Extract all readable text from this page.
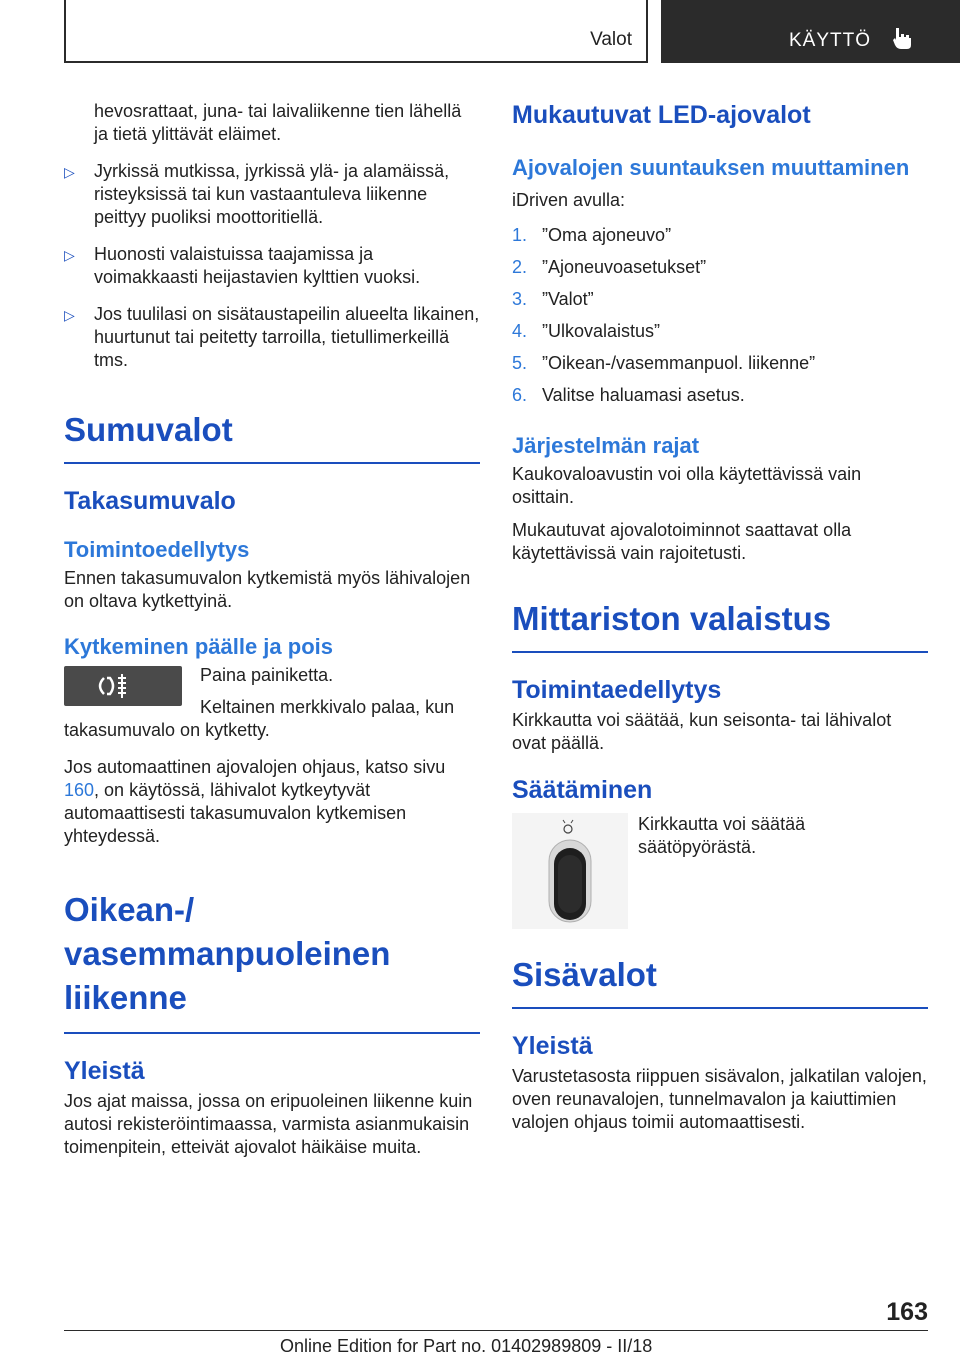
Valot	KÄYTTÖ

hevosrattaat, juna- tai laivaliikenne tien lähellä ja tietä ylittävät eläimet.

▷ Jyrkissä mutkissa, jyrkissä ylä- ja alamäissä, risteyksissä tai kun vastaantuleva liikenne peittyy puoliksi moottoritiellä.
▷ Huonosti valaistuissa taajamissa ja voimakkaasti heijastavien kylttien vuoksi.
▷ Jos tuulilasi on sisätaustapeilin alueelta likainen, huurtunut tai peitetty tarroilla, tietullimerkeillä tms.
Sumuvalot
Takasumuvalo
Toimintoedellytys

Ennen takasumuvalon kytkemistä myös lähivalojen on oltava kytkettyinä.

Kytkeminen päälle ja pois

Paina painiketta.

Keltainen merkkivalo palaa, kun takasumuvalo on kytketty.

Jos automaattinen ajovalojen ohjaus, katso sivu 160, on käytössä, lähivalot kytkeytyvät automaattisesti takasumuvalon kytkemisen yhteydessä.

Oikean-/ vasemmanpuoleinen liikenne
Yleistä

Jos ajat maissa, jossa on eripuoleinen liikenne kuin autosi rekisteröintimaassa, varmista asianmukaisin toimenpitein, etteivät ajovalot häikäise muita.

Mukautuvat LED-ajovalot
Ajovalojen suuntauksen muuttaminen

iDriven avulla:

1. ”Oma ajoneuvo”
2. ”Ajoneuvoasetukset”
3. ”Valot”
4. ”Ulkovalaistus”
5. ”Oikean-/vasemmanpuol. liikenne”
6. Valitse haluamasi asetus.
Järjestelmän rajat

Kaukovaloavustin voi olla käytettävissä vain osittain.

Mukautuvat ajovalotoiminnot saattavat olla käytettävissä vain rajoitetusti.

Mittariston valaistus
Toimintaedellytys

Kirkkautta voi säätää, kun seisonta- tai lähivalot ovat päällä.

Säätäminen

Kirkkautta voi säätää säätöpyörästä.

Sisävalot
Yleistä

Varustetasosta riippuen sisävalon, jalkatilan valojen, oven reunavalojen, tunnelmavalon ja kaiuttimien valojen ohjaus toimii automaattisesti.

163
Online Edition for Part no. 01402989809 - II/18
